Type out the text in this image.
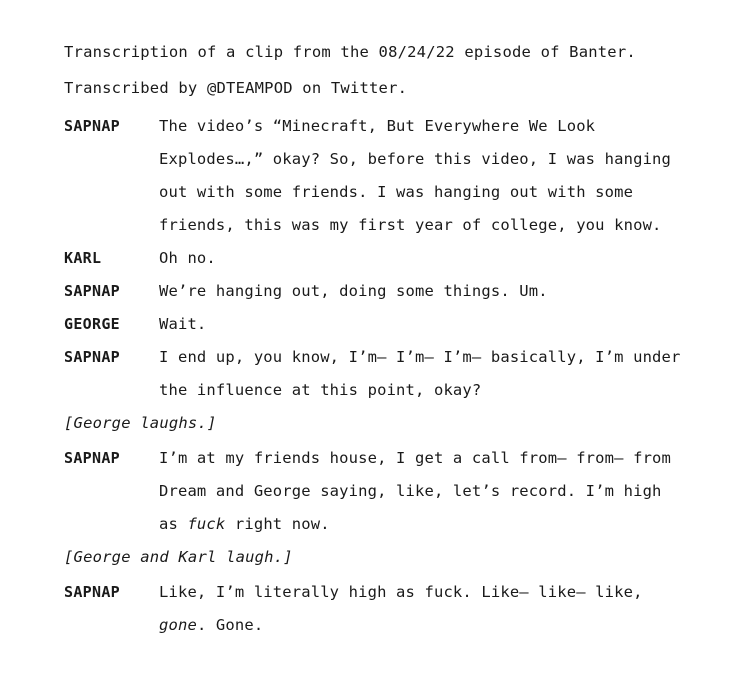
Transcription of a clip from the 08/24/22 episode of Banter.
Transcribed by @DTEAMPOD on Twitter.
SAPNAP	The video’s “Minecraft, But Everywhere We Look Explodes…,” okay? So, before this video, I was hanging out with some friends. I was hanging out with some friends, this was my first year of college, you know.
KARL	Oh no.
SAPNAP	We’re hanging out, doing some things. Um.
GEORGE	Wait.
SAPNAP	I end up, you know, I’m— I’m— I’m— basically, I’m under the influence at this point, okay?
[George laughs.]
SAPNAP	I’m at my friends house, I get a call from— from— from Dream and George saying, like, let’s record. I’m high as fuck right now.
[George and Karl laugh.]
SAPNAP	Like, I’m literally high as fuck. Like— like— like, gone. Gone.
